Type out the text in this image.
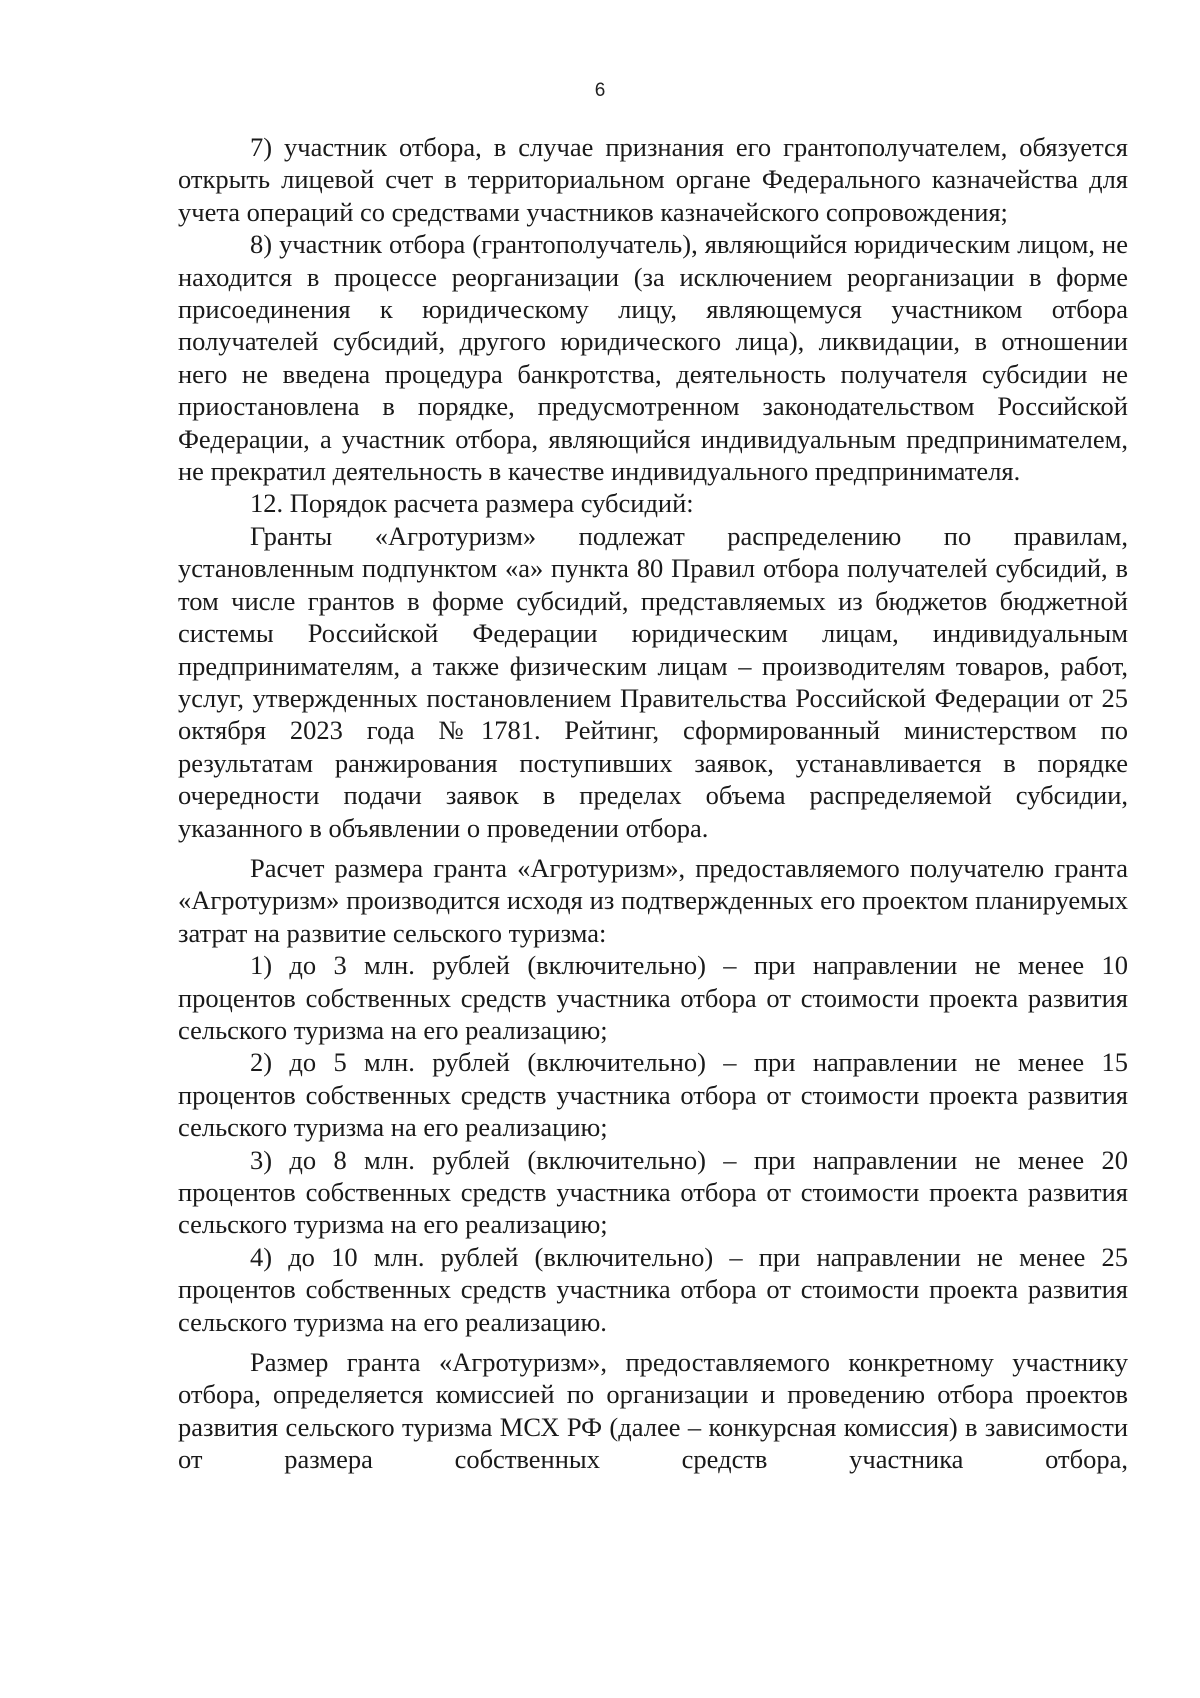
6

7) участник отбора, в случае признания его грантополучателем, обязуется открыть лицевой счет в территориальном органе Федерального казначейства для учета операций со средствами участников казначейского сопровождения;

8) участник отбора (грантополучатель), являющийся юридическим лицом, не находится в процессе реорганизации (за исключением реорганизации в форме присоединения к юридическому лицу, являющемуся участником отбора получателей субсидий, другого юридического лица), ликвидации, в отношении него не введена процедура банкротства, деятельность получателя субсидии не приостановлена в порядке, предусмотренном законодательством Российской Федерации, а участник отбора, являющийся индивидуальным предпринимателем, не прекратил деятельность в качестве индивидуального предпринимателя.

12. Порядок расчета размера субсидий:

Гранты «Агротуризм» подлежат распределению по правилам, установленным подпунктом «а» пункта 80 Правил отбора получателей субсидий, в том числе грантов в форме субсидий, представляемых из бюджетов бюджетной системы Российской Федерации юридическим лицам, индивидуальным предпринимателям, а также физическим лицам – производителям товаров, работ, услуг, утвержденных постановлением Правительства Российской Федерации от 25 октября 2023 года №1781. Рейтинг, сформированный министерством по результатам ранжирования поступивших заявок, устанавливается в порядке очередности подачи заявок в пределах объема распределяемой субсидии, указанного в объявлении о проведении отбора.

Расчет размера гранта «Агротуризм», предоставляемого получателю гранта «Агротуризм» производится исходя из подтвержденных его проектом планируемых затрат на развитие сельского туризма:

1) до 3 млн. рублей (включительно) – при направлении не менее 10 процентов собственных средств участника отбора от стоимости проекта развития сельского туризма на его реализацию;

2) до 5 млн. рублей (включительно) – при направлении не менее 15 процентов собственных средств участника отбора от стоимости проекта развития сельского туризма на его реализацию;

3) до 8 млн. рублей (включительно) – при направлении не менее 20 процентов собственных средств участника отбора от стоимости проекта развития сельского туризма на его реализацию;

4) до 10 млн. рублей (включительно) – при направлении не менее 25 процентов собственных средств участника отбора от стоимости проекта развития сельского туризма на его реализацию.

Размер гранта «Агротуризм», предоставляемого конкретному участнику отбора, определяется комиссией по организации и проведению отбора проектов развития сельского туризма МСХ РФ (далее – конкурсная комиссия) в зависимости от размера собственных средств участника отбора,
